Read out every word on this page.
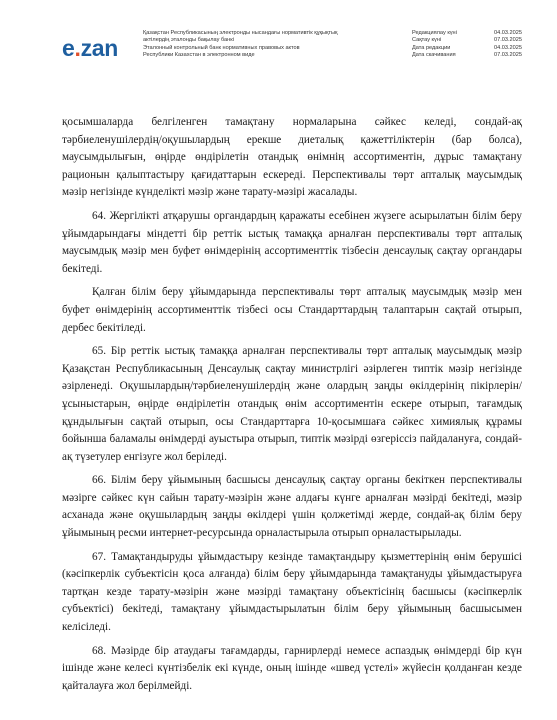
e.zan
Қазақстан Республикасының электронды нысандағы нормативтік құқықтық
актілердің эталонды бақылау банкі
Эталонный контрольный банк нормативных правовых актов
Республики Казахстан в электронном виде
Редакциялау күні	04.03.2025
Сақтау күні	07.03.2025
Дата редакции	04.03.2025
Дата скачивания	07.03.2025

қосымшаларда белгіленген тамақтану нормаларына сәйкес келеді, сондай-ақ тәрбиеленушілердің/оқушылардың ерекше диеталық қажеттіліктерін (бар болса), маусымдылығын, өңірде өндірілетін отандық өнімнің ассортиментін, дұрыс тамақтану рационын қалыптастыру қағидаттарын ескереді. Перспективалы төрт апталық маусымдық мәзір негізінде күнделікті мәзір және тарату-мәзірі жасалады.

64. Жергілікті атқарушы органдардың қаражаты есебінен жүзеге асырылатын білім беру ұйымдарындағы міндетті бір реттік ыстық тамаққа арналған перспективалы төрт апталық маусымдық мәзір мен буфет өнімдерінің ассортименттік тізбесін денсаулық сақтау органдары бекітеді.

Қалған білім беру ұйымдарында перспективалы төрт апталық маусымдық мәзір мен буфет өнімдерінің ассортименттік тізбесі осы Стандарттардың талаптарын сақтай отырып, дербес бекітіледі.

65. Бір реттік ыстық тамаққа арналған перспективалы төрт апталық маусымдық мәзір Қазақстан Республикасының Денсаулық сақтау министрлігі әзірлеген типтік мәзір негізінде әзірленеді. Оқушылардың/тәрбиеленушілердің және олардың заңды өкілдерінің пікірлерін/ұсыныстарын, өңірде өндірілетін отандық өнім ассортиментін ескере отырып, тағамдық құндылығын сақтай отырып, осы Стандарттарға 10-қосымшаға сәйкес химиялық құрамы бойынша баламалы өнімдерді ауыстыра отырып, типтік мәзірді өзгеріссіз пайдалануға, сондай-ақ түзетулер енгізуге жол беріледі.

66. Білім беру ұйымының басшысы денсаулық сақтау органы бекіткен перспективалы мәзірге сәйкес күн сайын тарату-мәзірін және алдағы күнге арналған мәзірді бекітеді, мәзір асханада және оқушылардың заңды өкілдері үшін қолжетімді жерде, сондай-ақ білім беру ұйымының ресми интернет-ресурсында орналастырыла отырып орналастырылады.

67. Тамақтандыруды ұйымдастыру кезінде тамақтандыру қызметтерінің өнім берушісі (кәсіпкерлік субъектісін қоса алғанда) білім беру ұйымдарында тамақтануды ұйымдастыруға тартқан кезде тарату-мәзірін және мәзірді тамақтану объектісінің басшысы (кәсіпкерлік субъектісі) бекітеді, тамақтану ұйымдастырылатын білім беру ұйымының басшысымен келісіледі.

68. Мәзірде бір атаудағы тағамдарды, гарнирлерді немесе аспаздық өнімдерді бір күн ішінде және келесі күнтізбелік екі күнде, оның ішінде «швед үстелі» жүйесін қолданған кезде қайталауға жол берілмейді.
